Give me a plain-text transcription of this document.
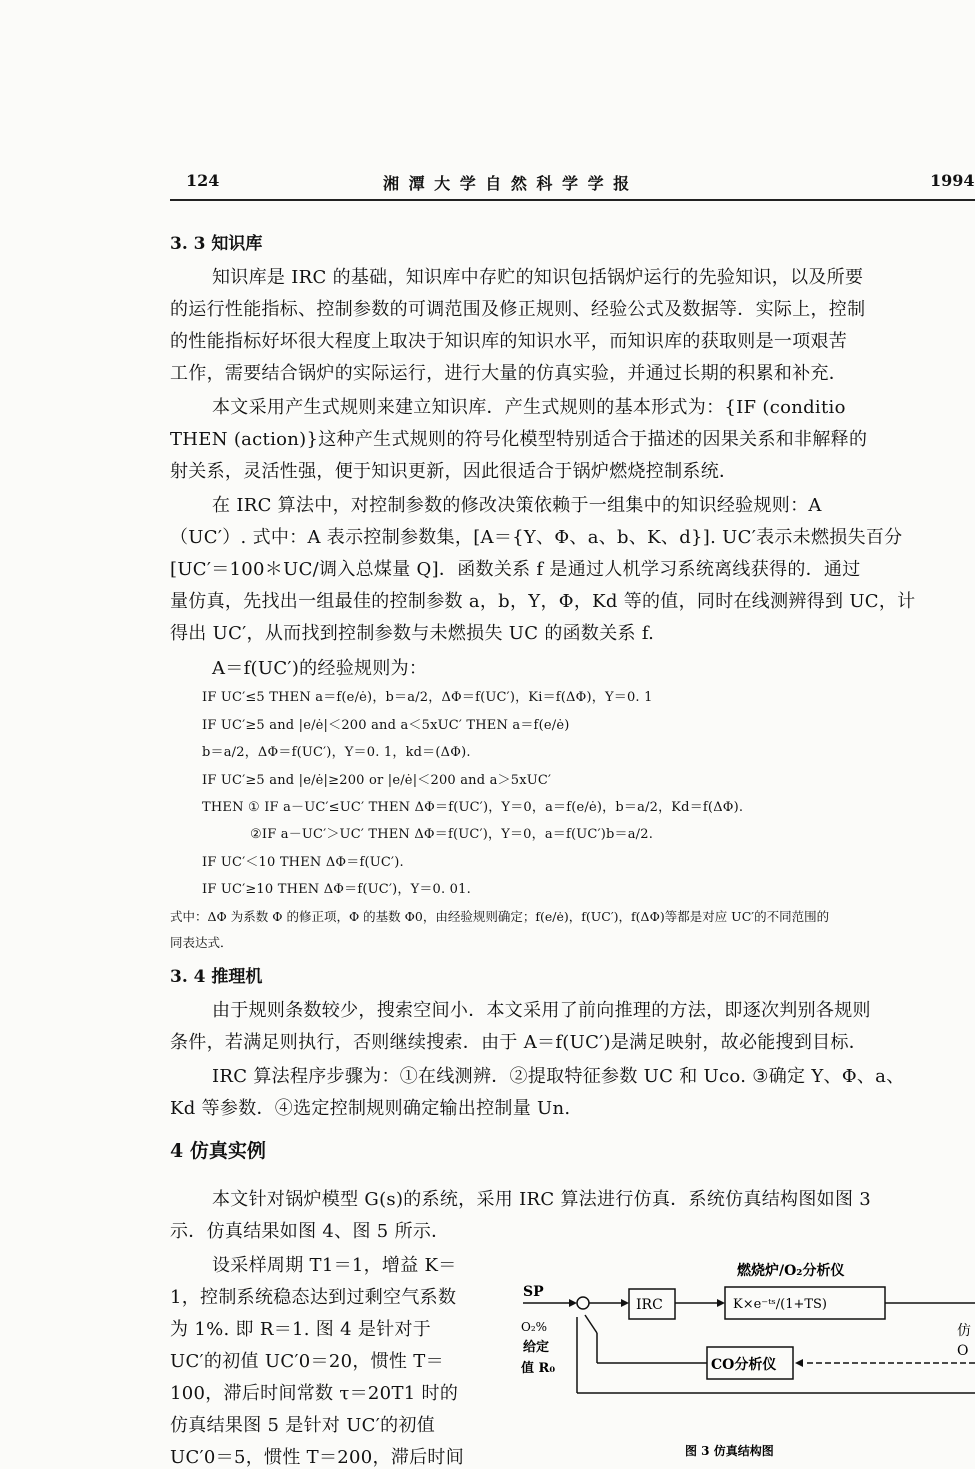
124	湘 潭 大 学 自 然 科 学 学 报	1994
3. 3 知识库
知识库是 IRC 的基础，知识库中存贮的知识包括锅炉运行的先验知识，以及所要
的运行性能指标、控制参数的可调范围及修正规则、经验公式及数据等．实际上，控制
的性能指标好坏很大程度上取决于知识库的知识水平，而知识库的获取则是一项艰苦
工作，需要结合锅炉的实际运行，进行大量的仿真实验，并通过长期的积累和补充．
本文采用产生式规则来建立知识库．产生式规则的基本形式为：{IF (conditio
THEN (action)}这种产生式规则的符号化模型特别适合于描述的因果关系和非解释的
射关系，灵活性强，便于知识更新，因此很适合于锅炉燃烧控制系统．
在 IRC 算法中，对控制参数的修改决策依赖于一组集中的知识经验规则：A
（UC′）. 式中：A 表示控制参数集，[A＝{Υ、Φ、a、b、K、d}]. UC′表示未燃损失百分
[UC′＝100＊UC/调入总煤量 Q]．函数关系 f 是通过人机学习系统离线获得的．通过
量仿真，先找出一组最佳的控制参数 a，b，Υ，Φ，Kd 等的值，同时在线测辨得到 UC，计
得出 UC′，从而找到控制参数与未燃损失 UC 的函数关系 f.
A＝f(UC′)的经验规则为：
IF UC′≤5 THEN a＝f(e/ė)，b＝a/2，ΔΦ＝f(UC′)，Ki＝f(ΔΦ)，Υ＝0. 1
IF UC′≥5 and |e/ė|＜200 and a＜5xUC′ THEN a＝f(e/ė)
b＝a/2，ΔΦ＝f(UC′)，Υ＝0. 1，kd＝(ΔΦ).
IF UC′≥5 and |e/ė|≥200 or |e/ė|＜200 and a＞5xUC′
THEN ① IF a－UC′≤UC′ THEN ΔΦ＝f(UC′)，Υ＝0，a＝f(e/ė)，b＝a/2，Kd＝f(ΔΦ).
②IF a－UC′＞UC′ THEN ΔΦ＝f(UC′)，Υ＝0，a＝f(UC′)b＝a/2.
IF UC′＜10 THEN ΔΦ＝f(UC′).
IF UC′≥10 THEN ΔΦ＝f(UC′)，Υ＝0. 01.
式中：ΔΦ 为系数 Φ 的修正项，Φ 的基数 Φ0，由经验规则确定；f(e/ė)，f(UC′)，f(ΔΦ)等都是对应 UC′的不同范围的
同表达式．
3. 4 推理机
由于规则条数较少，搜索空间小．本文采用了前向推理的方法，即逐次判别各规则
条件，若满足则执行，否则继续搜索．由于 A＝f(UC′)是满足映射，故必能搜到目标．
IRC 算法程序步骤为：①在线测辨．②提取特征参数 UC 和 Uco. ③确定 Υ、Φ、a、
Kd 等参数．④选定控制规则确定输出控制量 Un.
4 仿真实例
本文针对锅炉模型 G(s)的系统，采用 IRC 算法进行仿真．系统仿真结构图如图 3
示．仿真结果如图 4、图 5 所示．
设采样周期 T1＝1，增益 K＝
1，控制系统稳态达到过剩空气系数
为 1%. 即 R＝1. 图 4 是针对于
UC′的初值 UC′0＝20，惯性 T＝
100，滞后时间常数 τ＝20T1 时的
仿真结果图 5 是针对 UC′的初值
UC′0＝5，惯性 T＝200，滞后时间
燃烧炉/O₂分析仪
SP
O₂%
给定
值 R₀
IRC	K×e⁻ᵗˢ/(1+TS)
CO分析仪
仿
O
图 3 仿真结构图
